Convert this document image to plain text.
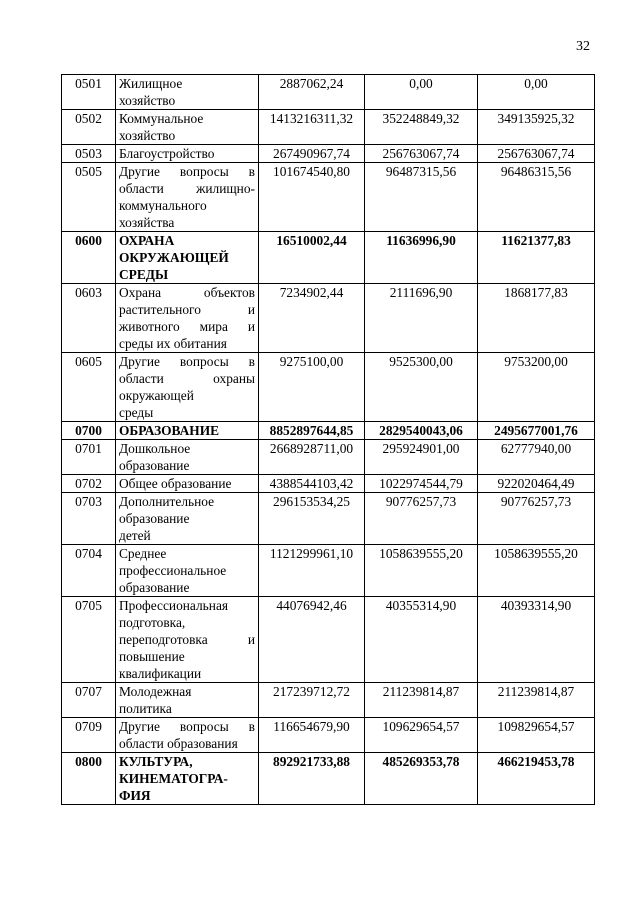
32
0501	Жилищное
хозяйство	2887062,24	0,00	0,00
0502	Коммунальное
хозяйство	1413216311,32	352248849,32	349135925,32
0503	Благоустройство	267490967,74	256763067,74	256763067,74
0505	Другие вопросы в
области жилищно-
коммунального
хозяйства	101674540,80	96487315,56	96486315,56
0600	ОХРАНА
ОКРУЖАЮЩЕЙ
СРЕДЫ	16510002,44	11636996,90	11621377,83
0603	Охрана объектов
растительного и
животного мира и
среды их обитания	7234902,44	2111696,90	1868177,83
0605	Другие вопросы в
области охраны
окружающей
среды	9275100,00	9525300,00	9753200,00
0700	ОБРАЗОВАНИЕ	8852897644,85	2829540043,06	2495677001,76
0701	Дошкольное
образование	2668928711,00	295924901,00	62777940,00
0702	Общее образование	4388544103,42	1022974544,79	922020464,49
0703	Дополнительное
образование
детей	296153534,25	90776257,73	90776257,73
0704	Среднее
профессиональное
образование	1121299961,10	1058639555,20	1058639555,20
0705	Профессиональная
подготовка,
переподготовка и
повышение
квалификации	44076942,46	40355314,90	40393314,90
0707	Молодежная
политика	217239712,72	211239814,87	211239814,87
0709	Другие вопросы в
области образования	116654679,90	109629654,57	109829654,57
0800	КУЛЬТУРА,
КИНЕМАТОГРА-
ФИЯ	892921733,88	485269353,78	466219453,78
